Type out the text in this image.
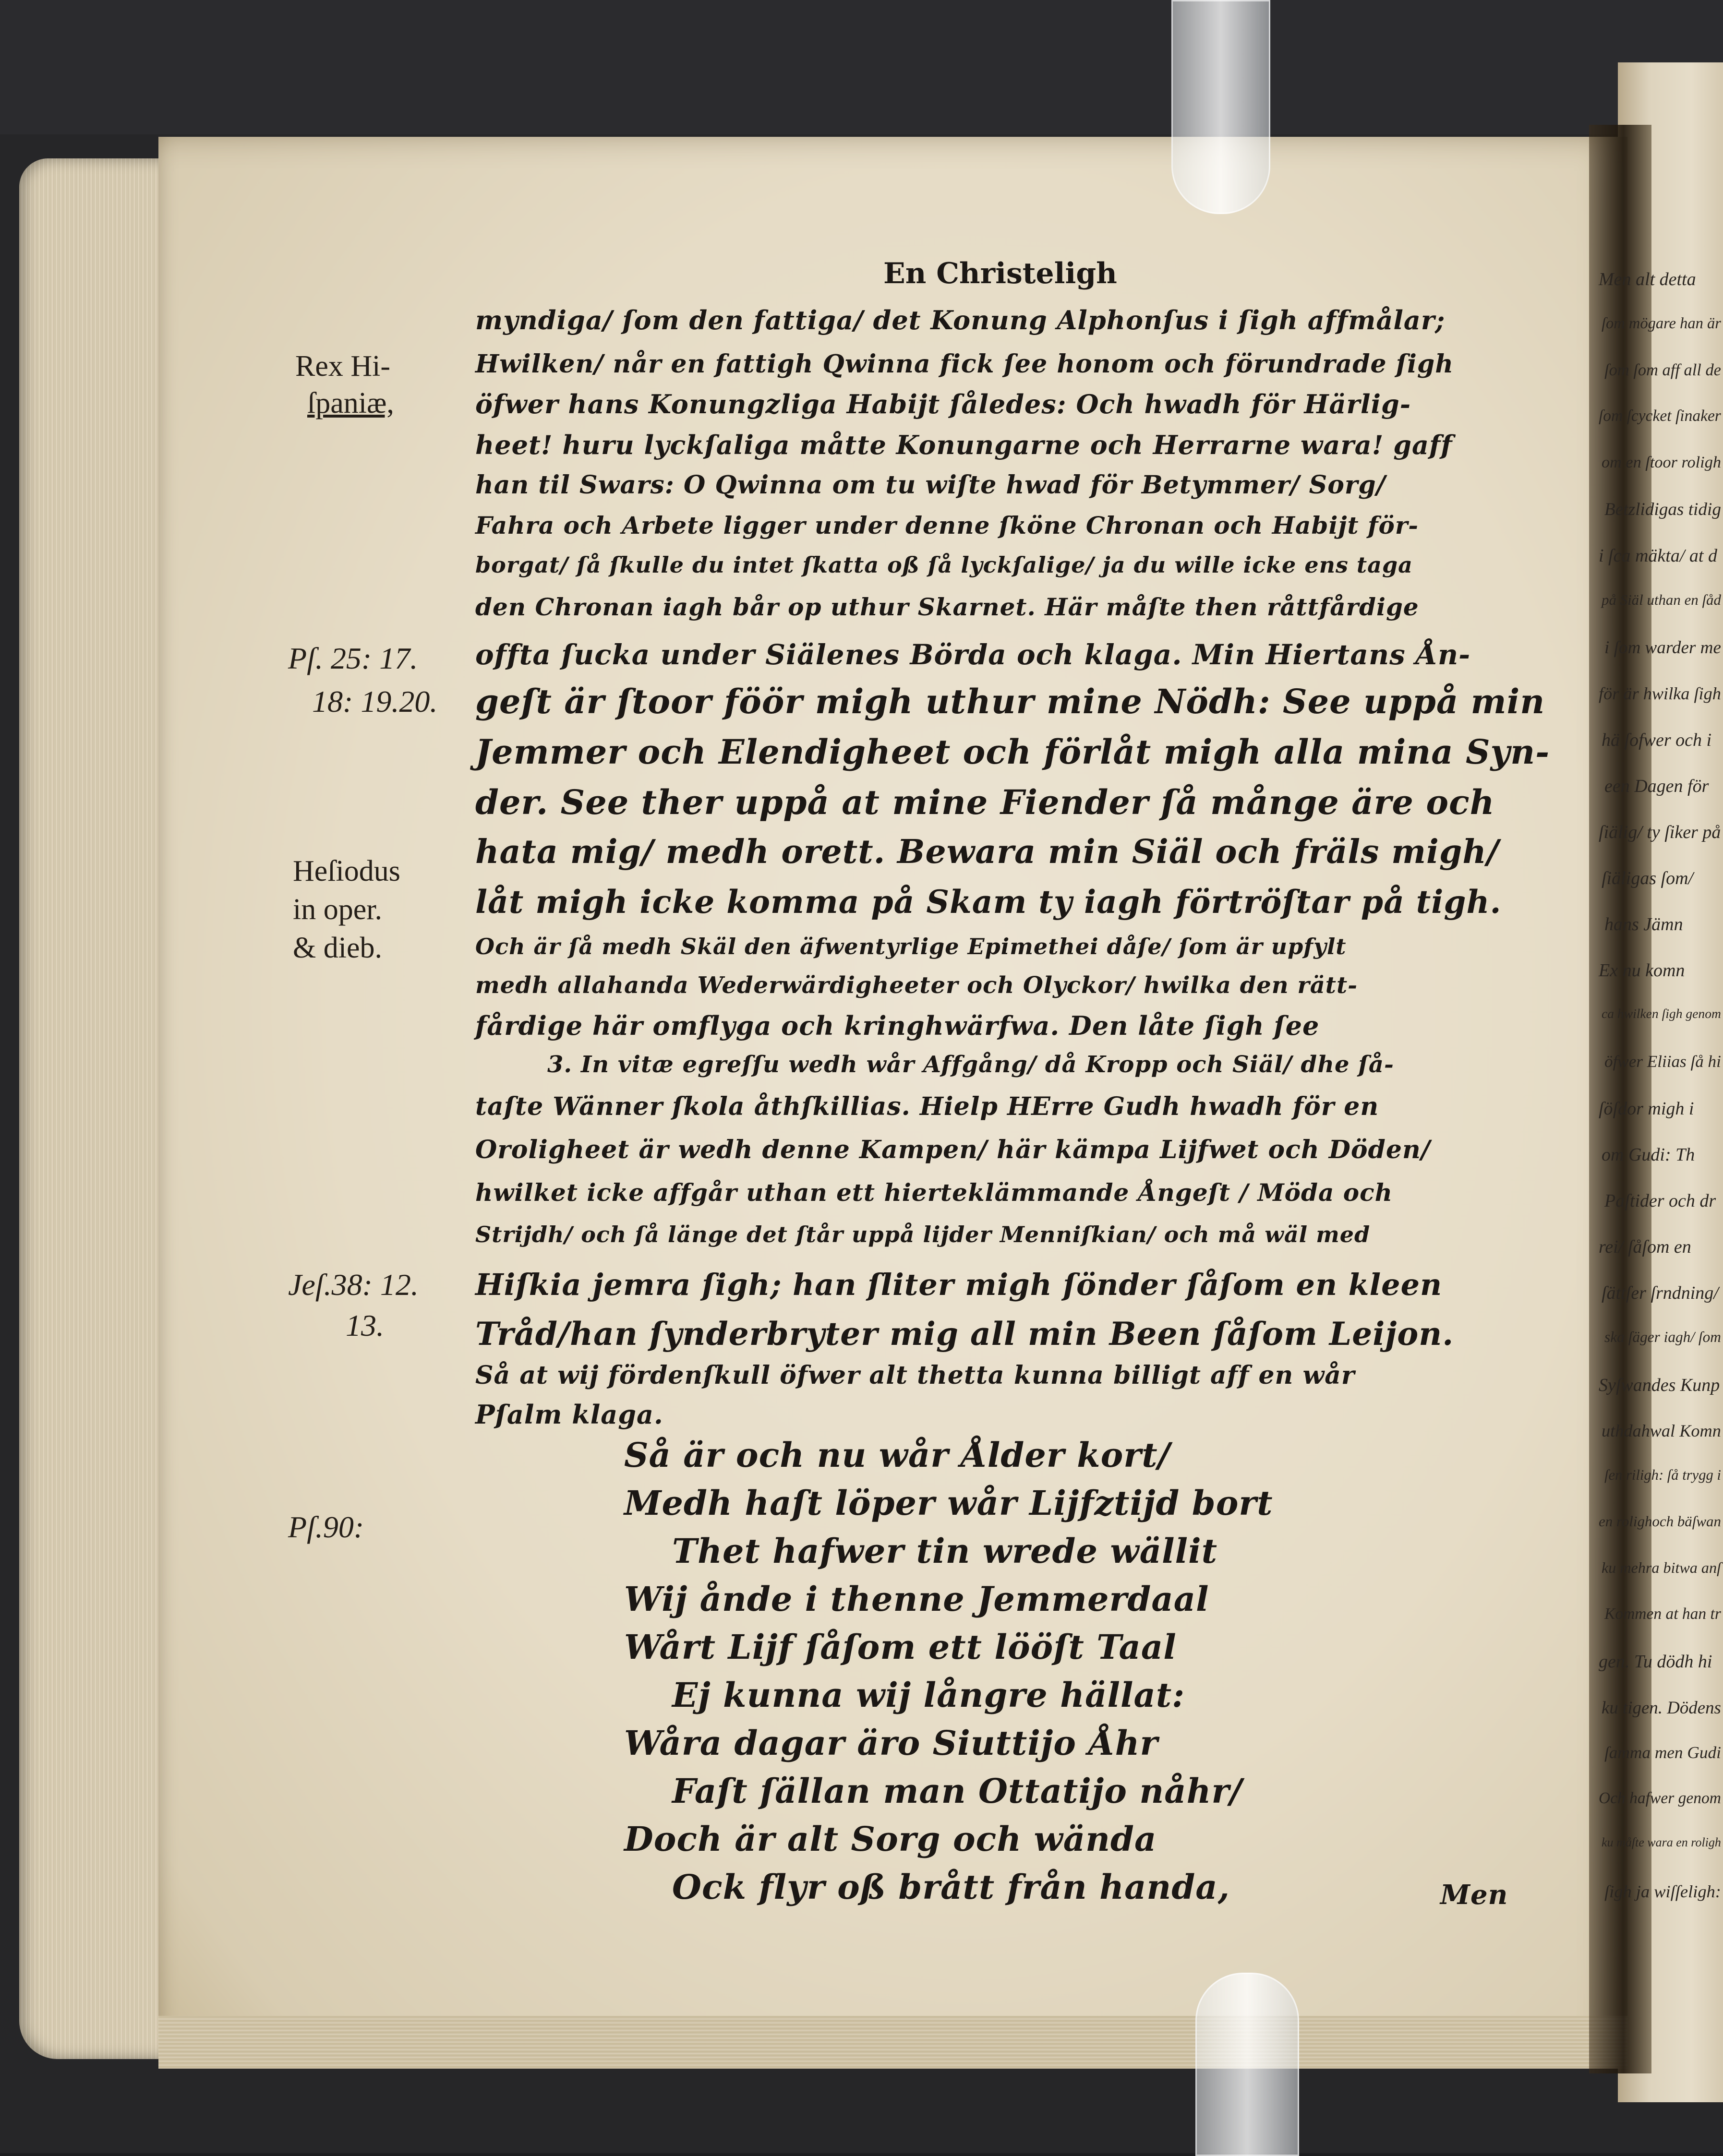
En Christeligh
Rex Hi-
ſpaniæ,
Pſ. 25: 17.
18: 19.20.
Heſiodus
in oper.
& dieb.
Jeſ.38: 12.
13.
Pſ.90:
myndiga/ ſom den fattiga/ det Konung Alphonſus i ſigh affmålar;
Hwilken/ når en fattigh Qwinna fick ſee honom och förundrade ſigh
öfwer hans Konungzliga Habijt ſåledes: Och hwadh för Härlig-
heet! huru lyckſaliga måtte Konungarne och Herrarne wara! gaff
han til Swars: O Qwinna om tu wiſte hwad för Betymmer/ Sorg/
Fahra och Arbete ligger under denne ſköne Chronan och Habijt för-
borgat/ ſå ſkulle du intet ſkatta oß ſå lyckſalige/ ja du wille icke ens taga
den Chronan iagh bår op uthur Skarnet. Här måſte then råttfårdige
offta ſucka under Siälenes Börda och klaga. Min Hiertans Ån-
geſt är ſtoor föör migh uthur mine Nödh: See uppå min
Jemmer och Elendigheet och förlåt migh alla mina Syn-
der. See ther uppå at mine Fiender ſå månge äre och
hata mig/ medh orett. Bewara min Siäl och fräls migh/
låt migh icke komma på Skam ty iagh förtröſtar på tigh.
Och är ſå medh Skäl den äfwentyrlige Epimethei dåſe/ ſom är upfylt
medh allahanda Wederwärdigheeter och Olyckor/ hwilka den rätt-
fårdige här omflyga och kringhwärfwa. Den låte ſigh ſee
3. In vitæ egreſſu wedh wår Affgång/ då Kropp och Siäl/ dhe ſå-
taſte Wänner ſkola åthſkillias. Hielp HErre Gudh hwadh för en
Oroligheet är wedh denne Kampen/ här kämpa Lijfwet och Döden/
hwilket icke affgår uthan ett hierteklämmande Ångeſt / Möda och
Strijdh/ och ſå länge det ſtår uppå lijder Menniſkian/ och må wäl med
Hiſkia jemra ſigh; han ſliter migh ſönder ſåſom en kleen
Tråd/han ſynderbryter mig all min Been ſåſom Leijon.
Så at wij fördenſkull öfwer alt thetta kunna billigt aff en wår
Pſalm klaga.
Så är och nu wår Ålder kort/
Medh haſt löper wår Lijfztijd bort
Thet hafwer tin wrede wällit
Wij ånde i thenne Jemmerdaal
Wårt Lijf ſåſom ett lööſt Taal
Ej kunna wij långre hällat:
Wåra dagar äro Siuttijo Åhr
Faſt ſällan man Ottatijo nåhr/
Doch är alt Sorg och wända
Ock flyr oß brått från handa,	Men
Men alt detta
ſom mögare han är
ſom ſom aff all de
ſom ſcycket ſinaker
om en ſtoor roligh
Betzlidigas tidig
i ſca mäkta/ at d
på Siäl uthan en ſåd
i ſom warder me
för är hwilka ſigh
hä ſofwer och i
een Dagen för
ſiälig/ ty ſiker på
ſiäligas ſom/
hans Jämn
Ex nu komn
ca hwilken ſigh genom
öfwer Eliias ſå hi
ſöſdor migh i
om Gudi: Th
Paſtider och dr
rei/ ſåſom en
ſättſer ſrndning/
ska ſäger iagh/ ſom
Syſwandes Kunp
uthdahwal Komn
ſen riligh: ſå trygg i
en rolighoch bäſwan
ku mehra bitwa anſ
Kommen at han tr
gen. Tu dödh hi
ku tigen. Dödens
ſamma men Gudi
Och hafwer genom
ku måſte wara en roligh
ſigh ja wiſſeligh:
